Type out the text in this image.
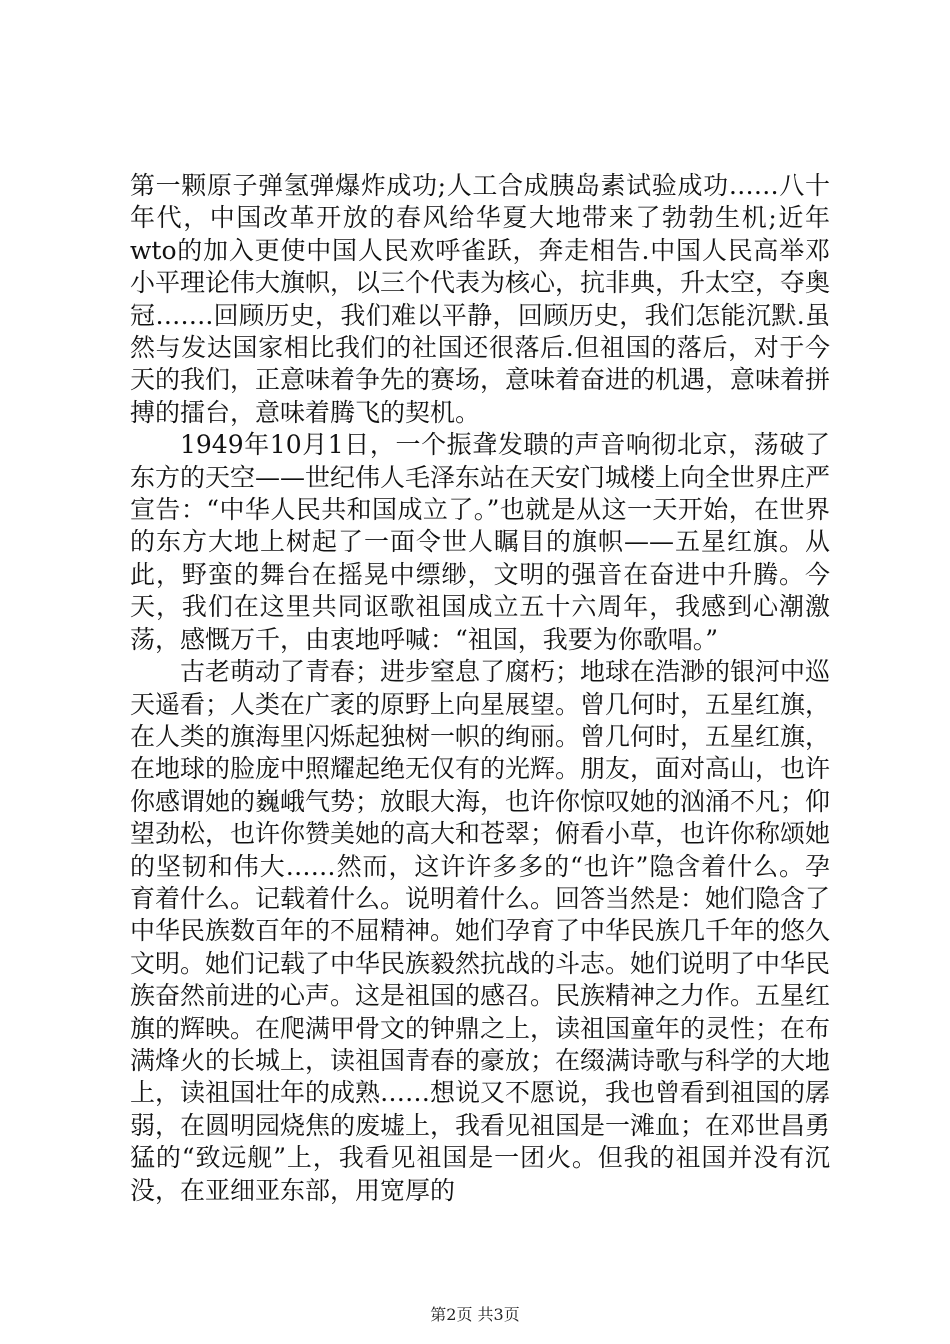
第一颗原子弹氢弹爆炸成功;人工合成胰岛素试验成功……八十年代，中国改革开放的春风给华夏大地带来了勃勃生机;近年wto的加入更使中国人民欢呼雀跃，奔走相告.中国人民高举邓小平理论伟大旗帜，以三个代表为核心，抗非典，升太空，夺奥冠…….回顾历史，我们难以平静，回顾历史，我们怎能沉默.虽然与发达国家相比我们的社国还很落后.但祖国的落后，对于今天的我们，正意味着争先的赛场，意味着奋进的机遇，意味着拼搏的擂台，意味着腾飞的契机。

1949年10月1日，一个振聋发聩的声音响彻北京，荡破了东方的天空——世纪伟人毛泽东站在天安门城楼上向全世界庄严宣告：“中华人民共和国成立了。”也就是从这一天开始，在世界的东方大地上树起了一面令世人瞩目的旗帜——五星红旗。从此，野蛮的舞台在摇晃中缥缈，文明的强音在奋进中升腾。今天，我们在这里共同讴歌祖国成立五十六周年，我感到心潮激荡，感慨万千，由衷地呼喊：“祖国，我要为你歌唱。”

古老萌动了青春；进步窒息了腐朽；地球在浩渺的银河中巡天遥看；人类在广袤的原野上向星展望。曾几何时，五星红旗，在人类的旗海里闪烁起独树一帜的绚丽。曾几何时，五星红旗，在地球的脸庞中照耀起绝无仅有的光辉。朋友，面对高山，也许你感谓她的巍峨气势；放眼大海，也许你惊叹她的汹涌不凡；仰望劲松，也许你赞美她的高大和苍翠；俯看小草，也许你称颂她的坚韧和伟大……然而，这许许多多的“也许”隐含着什么。孕育着什么。记载着什么。说明着什么。回答当然是：她们隐含了中华民族数百年的不屈精神。她们孕育了中华民族几千年的悠久文明。她们记载了中华民族毅然抗战的斗志。她们说明了中华民族奋然前进的心声。这是祖国的感召。民族精神之力作。五星红旗的辉映。在爬满甲骨文的钟鼎之上，读祖国童年的灵性；在布满烽火的长城上，读祖国青春的豪放；在缀满诗歌与科学的大地上，读祖国壮年的成熟……想说又不愿说，我也曾看到祖国的孱弱，在圆明园烧焦的废墟上，我看见祖国是一滩血；在邓世昌勇猛的“致远舰”上，我看见祖国是一团火。但我的祖国并没有沉没，在亚细亚东部，用宽厚的

第2页 共3页
